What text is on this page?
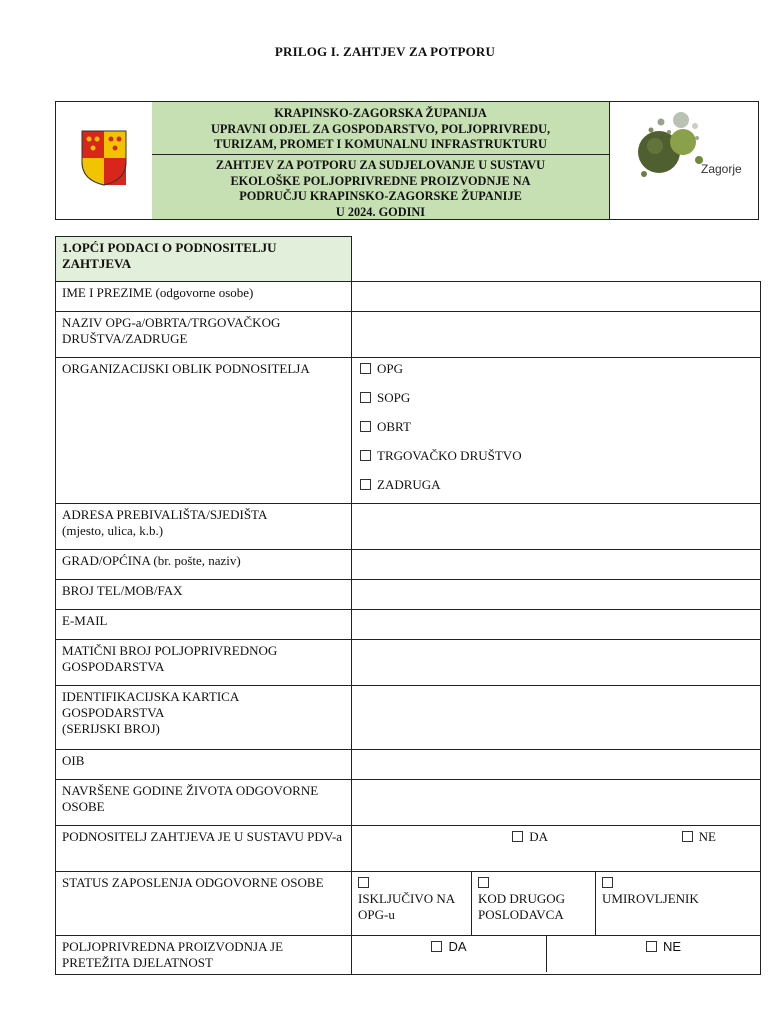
PRILOG I. ZAHTJEV ZA POTPORU
KRAPINSKO-ZAGORSKA ŽUPANIJA
UPRAVNI ODJEL ZA GOSPODARSTVO, POLJOPRIVREDU,
TURIZAM, PROMET I KOMUNALNU INFRASTRUKTURU
ZAHTJEV ZA POTPORU ZA SUDJELOVANJE U SUSTAVU
EKOLOŠKE POLJOPRIVREDNE PROIZVODNJE NA
PODRUČJU KRAPINSKO-ZAGORSKE ŽUPANIJE
U 2024. GODINI
Zagorje
1.OPĆI PODACI O PODNOSITELJU ZAHTJEVA			
IME I PREZIME (odgovorne osobe)			
NAZIV OPG-a/OBRTA/TRGOVAČKOG DRUŠTVA/ZADRUGE			
ORGANIZACIJSKI OBLIK PODNOSITELJA	OPG
SOPG
OBRT
TRGOVAČKO DRUŠTVO
ZADRUGA		

ADRESA PREBIVALIŠTA/SJEDIŠTA
(mjesto, ulica, k.b.)			

GRAD/OPĆINA (br. pošte, naziv)			
BROJ TEL/MOB/FAX			
E-MAIL			
MATIČNI BROJ POLJOPRIVREDNOG GOSPODARSTVA			

IDENTIFIKACIJSKA KARTICA
GOSPODARSTVA
(SERIJSKI BROJ)			

OIB			
NAVRŠENE GODINE ŽIVOTA ODGOVORNE OSOBE			
PODNOSITELJ ZAHTJEVA JE U SUSTAVU PDV-a	DA NE		

STATUS ZAPOSLENJA ODGOVORNE OSOBE	ISKLJUČIVO NA OPG-u	KOD DRUGOG POSLODAVCA	UMIROVLJENIK

POLJOPRIVREDNA PROIZVODNJA JE PRETEŽITA DJELATNOST	DA NE		
